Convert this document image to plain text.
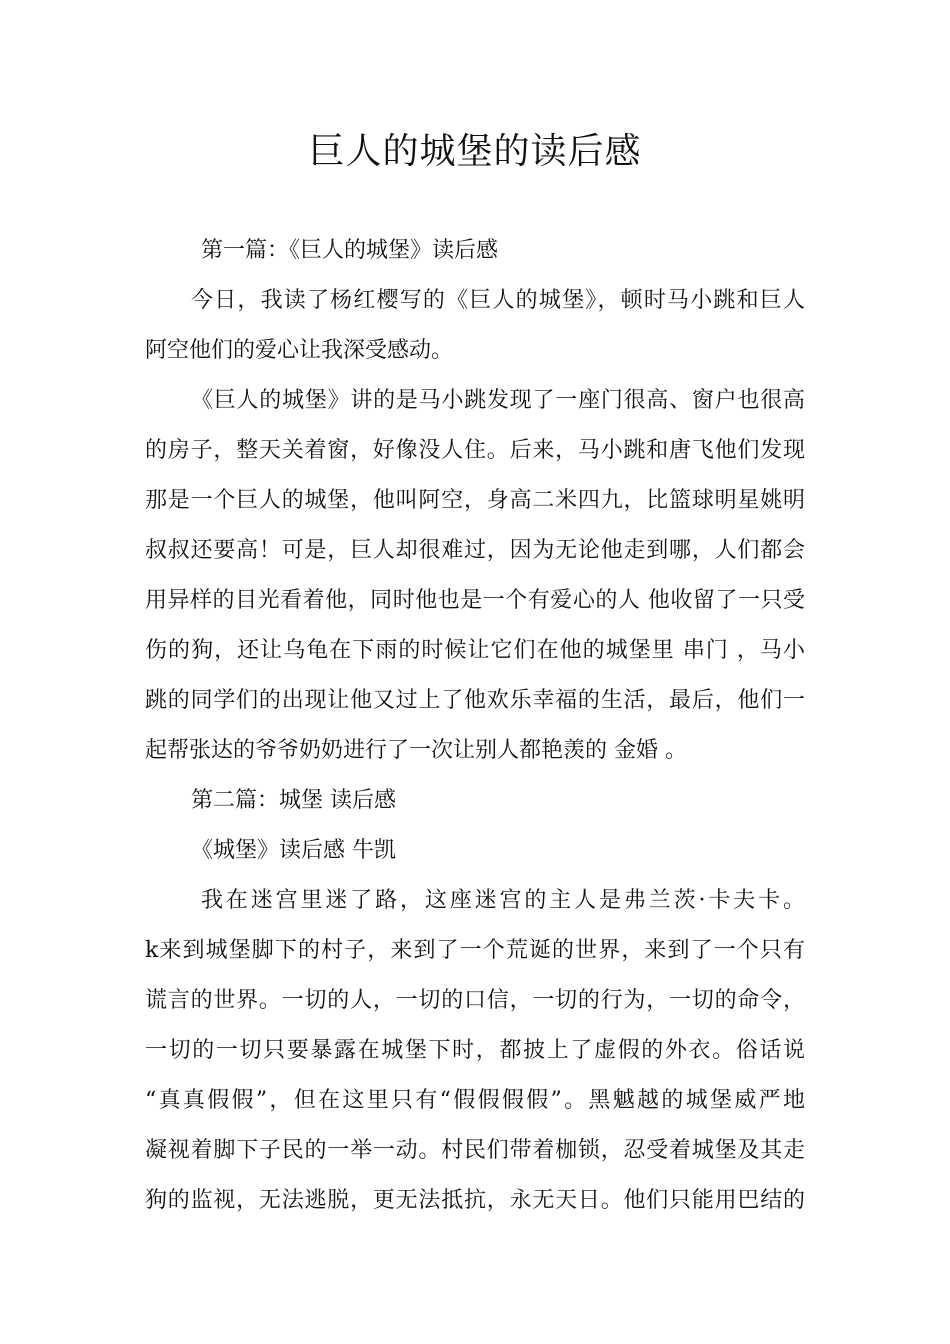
巨人的城堡的读后感

第一篇：《巨人的城堡》读后感

今日，我读了杨红樱写的《巨人的城堡》，顿时马小跳和巨人

阿空他们的爱心让我深受感动。

《巨人的城堡》讲的是马小跳发现了一座门很高、窗户也很高

的房子，整天关着窗，好像没人住。后来，马小跳和唐飞他们发现

那是一个巨人的城堡，他叫阿空，身高二米四九，比篮球明星姚明

叔叔还要高！可是，巨人却很难过，因为无论他走到哪，人们都会

用异样的目光看着他，同时他也是一个有爱心的人 他收留了一只受

伤的狗，还让乌龟在下雨的时候让它们在他的城堡里 串门 ，马小

跳的同学们的出现让他又过上了他欢乐幸福的生活，最后，他们一

起帮张达的爷爷奶奶进行了一次让别人都艳羡的 金婚 。

第二篇：城堡 读后感

《城堡》读后感 牛凯

我在迷宫里迷了路，这座迷宫的主人是弗兰茨·卡夫卡。

k来到城堡脚下的村子，来到了一个荒诞的世界，来到了一个只有

谎言的世界。一切的人，一切的口信，一切的行为，一切的命令，

一切的一切只要暴露在城堡下时，都披上了虚假的外衣。俗话说

“真真假假”，但在这里只有“假假假假”。黑魆越的城堡威严地

凝视着脚下子民的一举一动。村民们带着枷锁，忍受着城堡及其走

狗的监视，无法逃脱，更无法抵抗，永无天日。他们只能用巴结的
